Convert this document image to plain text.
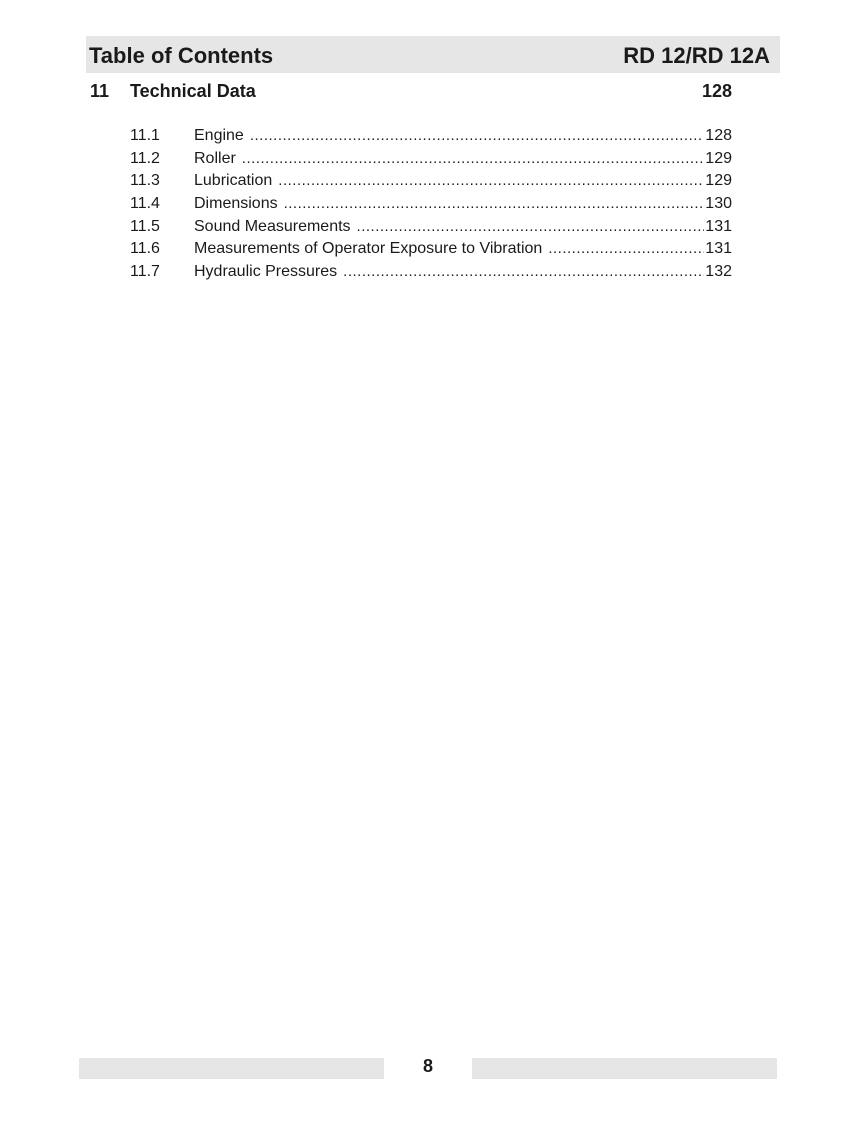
Table of Contents	RD 12/RD 12A
11 Technical Data	128
11.1	Engine .....	128
11.2	Roller .....	129
11.3	Lubrication .....	129
11.4	Dimensions .....	130
11.5	Sound Measurements .....	131
11.6	Measurements of Operator Exposure to Vibration .....	131
11.7	Hydraulic Pressures .....	132
8
